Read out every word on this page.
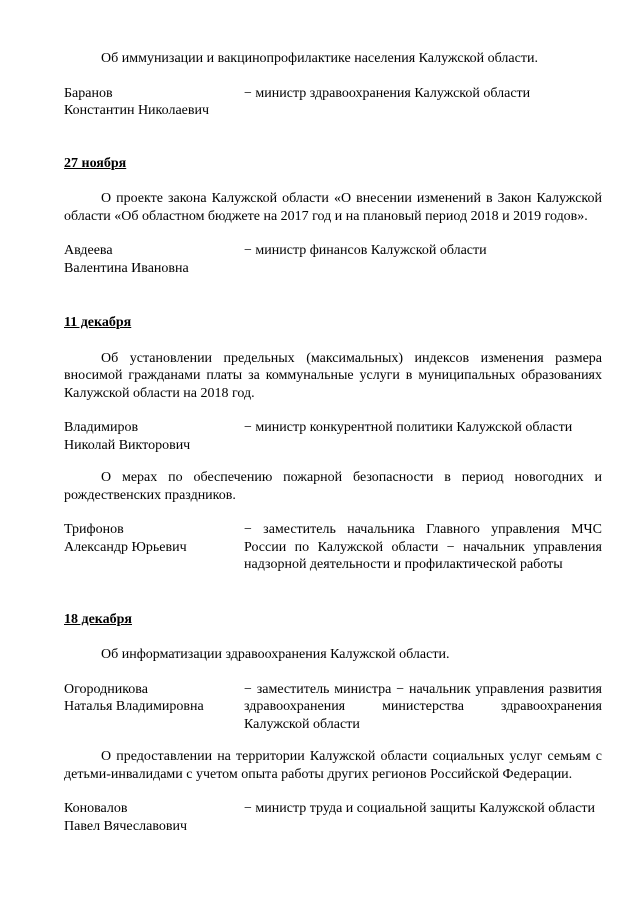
Об иммунизации и вакцинопрофилактике населения Калужской области.

Баранов
Константин Николаевич
− министр здравоохранения Калужской области

27 ноября

О проекте закона Калужской области «О внесении изменений в Закон Калужской области «Об областном бюджете на 2017 год и на плановый период 2018 и 2019 годов».

Авдеева
Валентина Ивановна
− министр финансов Калужской области

11 декабря

Об установлении предельных (максимальных) индексов изменения размера вносимой гражданами платы за коммунальные услуги в муниципальных образованиях Калужской области на 2018 год.

Владимиров
Николай Викторович
− министр конкурентной политики Калужской области

О мерах по обеспечению пожарной безопасности в период новогодних и рождественских праздников.

Трифонов
Александр Юрьевич
− заместитель начальника Главного управления МЧС России по Калужской области − начальник управления надзорной деятельности и профилактической работы

18 декабря

Об информатизации здравоохранения Калужской области.

Огородникова
Наталья Владимировна
− заместитель министра − начальник управления развития здравоохранения министерства здравоохранения Калужской области

О предоставлении на территории Калужской области социальных услуг семьям с детьми-инвалидами с учетом опыта работы других регионов Российской Федерации.

Коновалов
Павел Вячеславович
− министр труда и социальной защиты Калужской области
